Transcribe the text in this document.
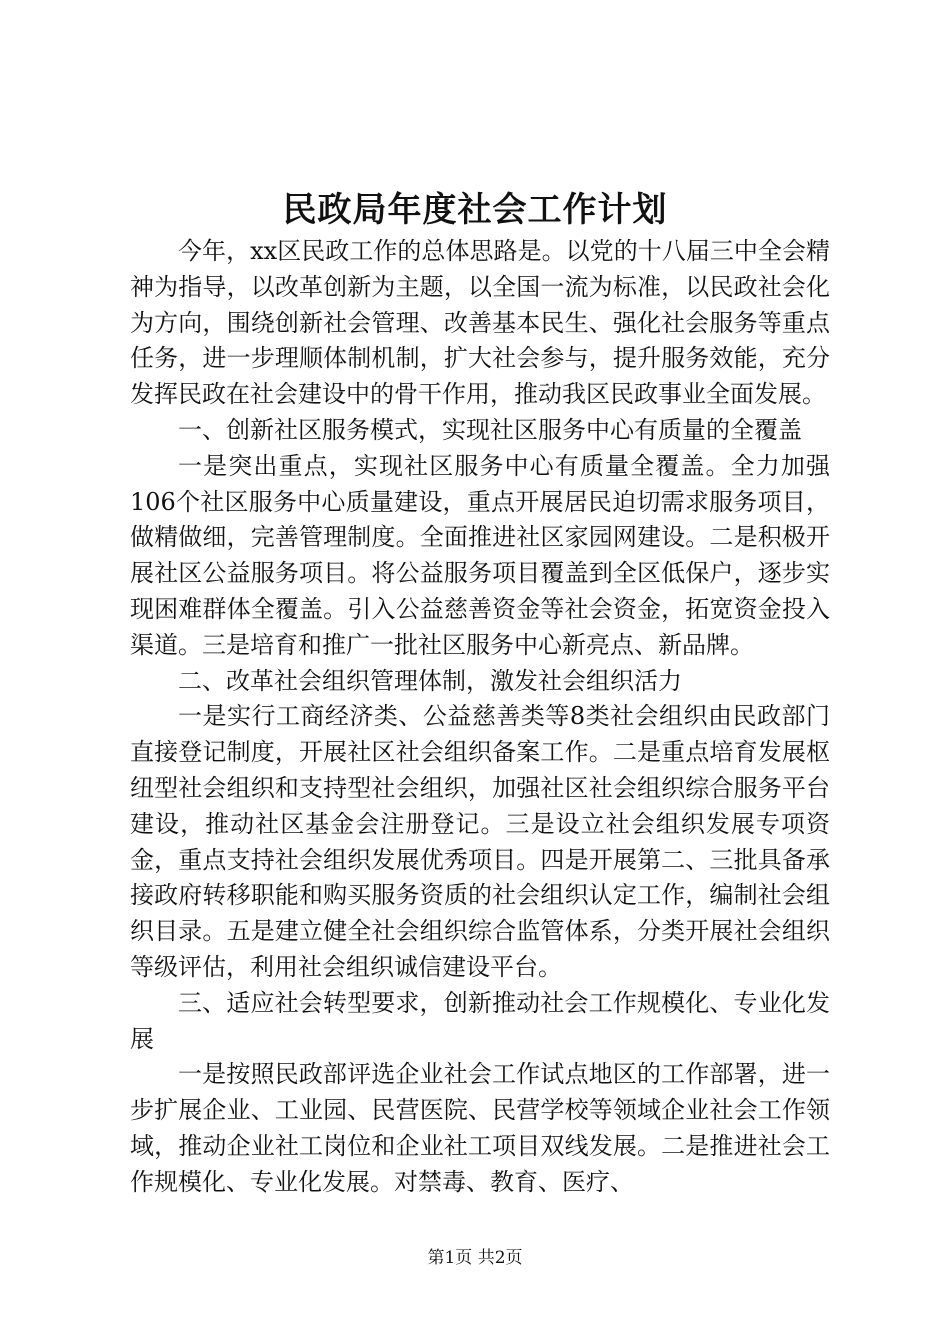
民政局年度社会工作计划

今年，xx区民政工作的总体思路是。以党的十八届三中全会精神为指导，以改革创新为主题，以全国一流为标准，以民政社会化为方向，围绕创新社会管理、改善基本民生、强化社会服务等重点任务，进一步理顺体制机制，扩大社会参与，提升服务效能，充分发挥民政在社会建设中的骨干作用，推动我区民政事业全面发展。

一、创新社区服务模式，实现社区服务中心有质量的全覆盖

一是突出重点，实现社区服务中心有质量全覆盖。全力加强106个社区服务中心质量建设，重点开展居民迫切需求服务项目，做精做细，完善管理制度。全面推进社区家园网建设。二是积极开展社区公益服务项目。将公益服务项目覆盖到全区低保户，逐步实现困难群体全覆盖。引入公益慈善资金等社会资金，拓宽资金投入渠道。三是培育和推广一批社区服务中心新亮点、新品牌。

二、改革社会组织管理体制，激发社会组织活力

一是实行工商经济类、公益慈善类等8类社会组织由民政部门直接登记制度，开展社区社会组织备案工作。二是重点培育发展枢纽型社会组织和支持型社会组织，加强社区社会组织综合服务平台建设，推动社区基金会注册登记。三是设立社会组织发展专项资金，重点支持社会组织发展优秀项目。四是开展第二、三批具备承接政府转移职能和购买服务资质的社会组织认定工作，编制社会组织目录。五是建立健全社会组织综合监管体系，分类开展社会组织等级评估，利用社会组织诚信建设平台。

三、适应社会转型要求，创新推动社会工作规模化、专业化发展

一是按照民政部评选企业社会工作试点地区的工作部署，进一步扩展企业、工业园、民营医院、民营学校等领域企业社会工作领域，推动企业社工岗位和企业社工项目双线发展。二是推进社会工作规模化、专业化发展。对禁毒、教育、医疗、

第1页 共2页
